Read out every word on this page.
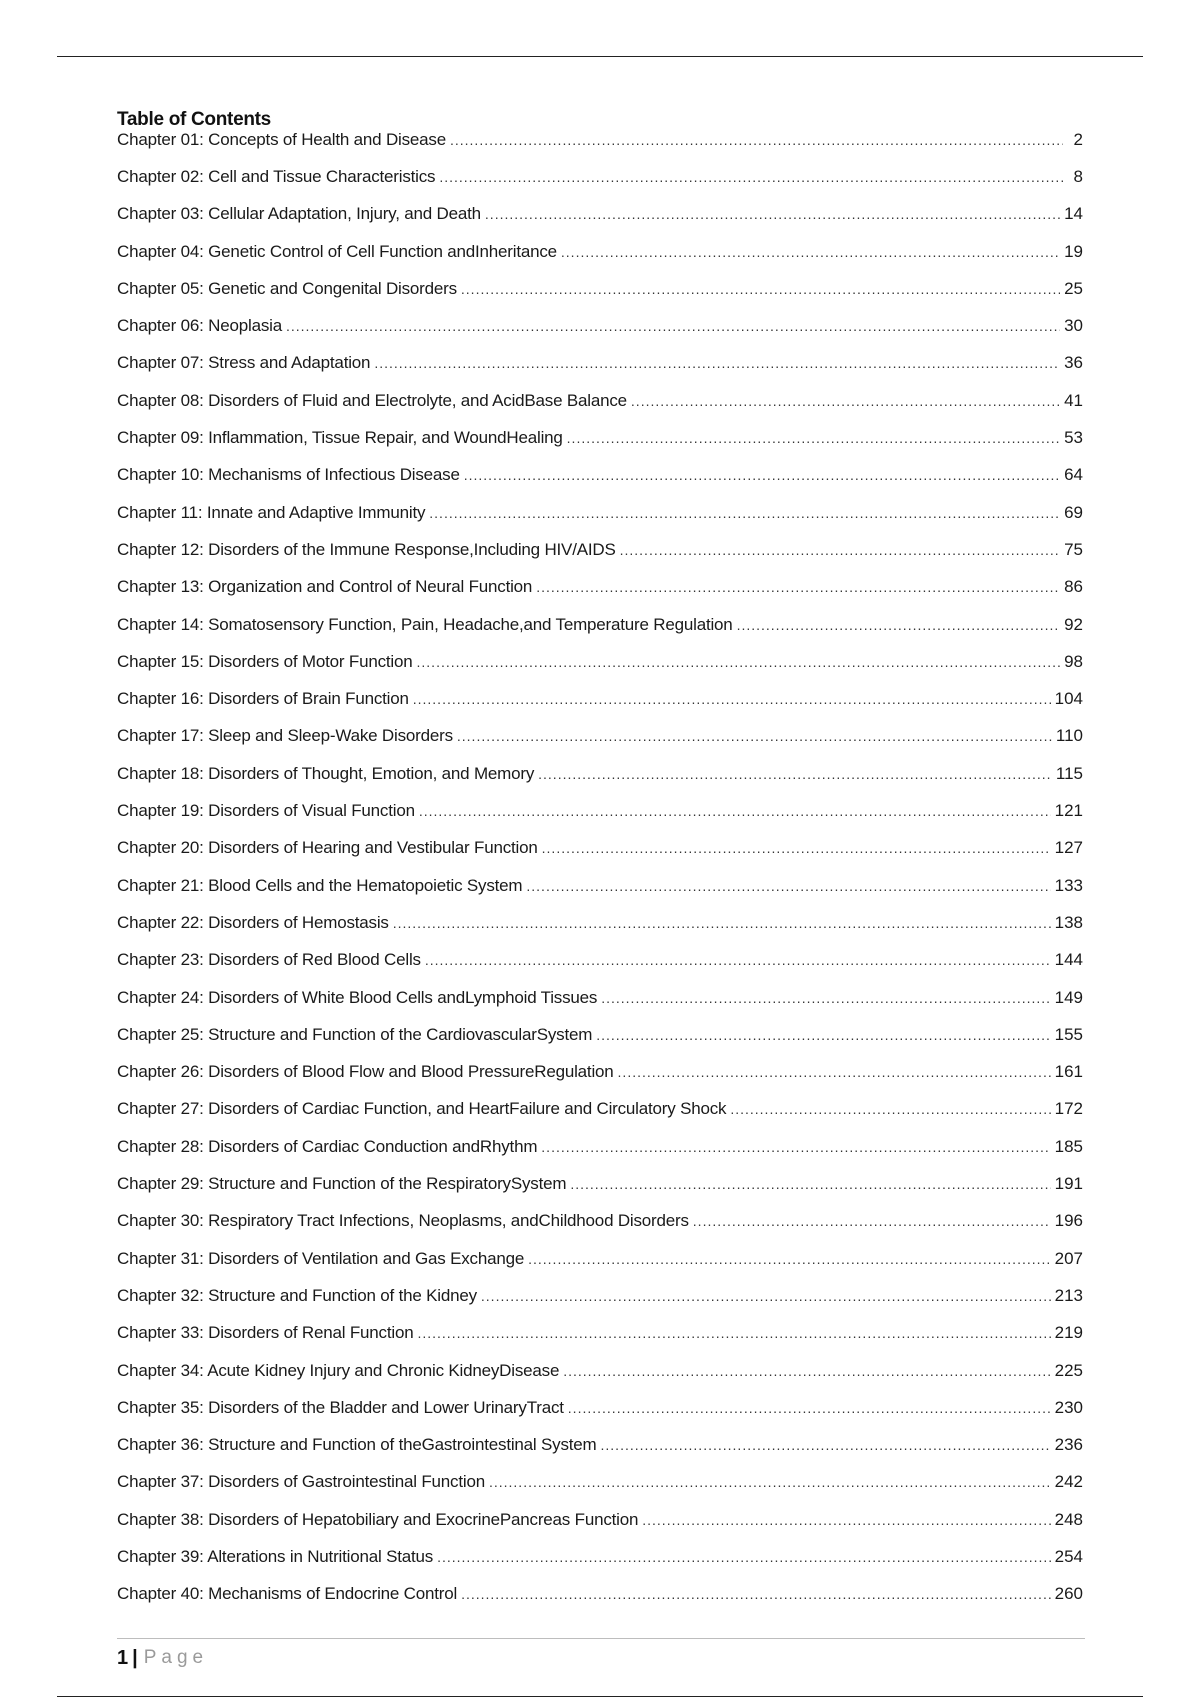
Table of Contents
Chapter 01: Concepts of Health and Disease .....	2
Chapter 02: Cell and Tissue Characteristics .....	8
Chapter 03: Cellular Adaptation, Injury, and Death .....	14
Chapter 04: Genetic Control of Cell Function andInheritance .....	19
Chapter 05: Genetic and Congenital Disorders .....	25
Chapter 06: Neoplasia .....	30
Chapter 07: Stress and Adaptation .....	36
Chapter 08: Disorders of Fluid and Electrolyte, and AcidBase Balance .....	41
Chapter 09: Inflammation, Tissue Repair, and WoundHealing .....	53
Chapter 10: Mechanisms of Infectious Disease .....	64
Chapter 11: Innate and Adaptive Immunity .....	69
Chapter 12: Disorders of the Immune Response,Including HIV/AIDS .....	75
Chapter 13: Organization and Control of Neural Function .....	86
Chapter 14: Somatosensory Function, Pain, Headache,and Temperature Regulation .....	92
Chapter 15: Disorders of Motor Function .....	98
Chapter 16: Disorders of Brain Function .....	104
Chapter 17: Sleep and Sleep-Wake Disorders .....	110
Chapter 18: Disorders of Thought, Emotion, and Memory .....	115
Chapter 19: Disorders of Visual Function .....	121
Chapter 20: Disorders of Hearing and Vestibular Function .....	127
Chapter 21: Blood Cells and the Hematopoietic System .....	133
Chapter 22: Disorders of Hemostasis .....	138
Chapter 23: Disorders of Red Blood Cells .....	144
Chapter 24: Disorders of White Blood Cells andLymphoid Tissues .....	149
Chapter 25: Structure and Function of the CardiovascularSystem .....	155
Chapter 26: Disorders of Blood Flow and Blood PressureRegulation .....	161
Chapter 27: Disorders of Cardiac Function, and HeartFailure and Circulatory Shock .....	172
Chapter 28: Disorders of Cardiac Conduction andRhythm .....	185
Chapter 29: Structure and Function of the RespiratorySystem .....	191
Chapter 30: Respiratory Tract Infections, Neoplasms, andChildhood Disorders .....	196
Chapter 31: Disorders of Ventilation and Gas Exchange .....	207
Chapter 32: Structure and Function of the Kidney .....	213
Chapter 33: Disorders of Renal Function .....	219
Chapter 34: Acute Kidney Injury and Chronic KidneyDisease .....	225
Chapter 35: Disorders of the Bladder and Lower UrinaryTract .....	230
Chapter 36: Structure and Function of theGastrointestinal System .....	236
Chapter 37: Disorders of Gastrointestinal Function .....	242
Chapter 38: Disorders of Hepatobiliary and ExocrinePancreas Function .....	248
Chapter 39: Alterations in Nutritional Status .....	254
Chapter 40: Mechanisms of Endocrine Control .....	260
1 | Page
